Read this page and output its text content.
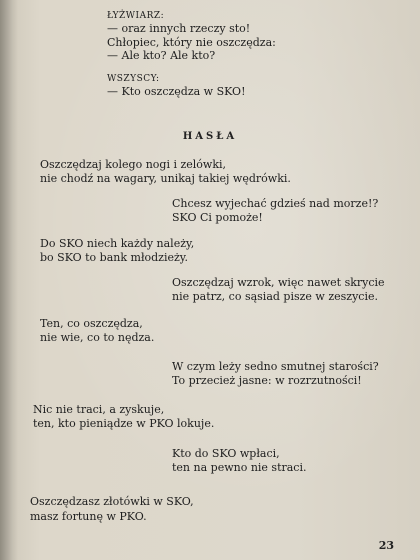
ŁYŻWIARZ:
— oraz innych rzeczy sto!
Chłopiec, który nie oszczędza:
— Ale kto? Ale kto?
WSZYSCY:
— Kto oszczędza w SKO!
HASŁA
Oszczędzaj kolego nogi i zelówki,
nie chodź na wagary, unikaj takiej wędrówki.
Chcesz wyjechać gdzieś nad morze!?
SKO Ci pomoże!
Do SKO niech każdy należy,
bo SKO to bank młodzieży.
Oszczędzaj wzrok, więc nawet skrycie
nie patrz, co sąsiad pisze w zeszycie.
Ten, co oszczędza,
nie wie, co to nędza.
W czym leży sedno smutnej starości?
To przecież jasne: w rozrzutności!
Nic nie traci, a zyskuje,
ten, kto pieniądze w PKO lokuje.
Kto do SKO wpłaci,
ten na pewno nie straci.
Oszczędzasz złotówki w SKO,
masz fortunę w PKO.
23
